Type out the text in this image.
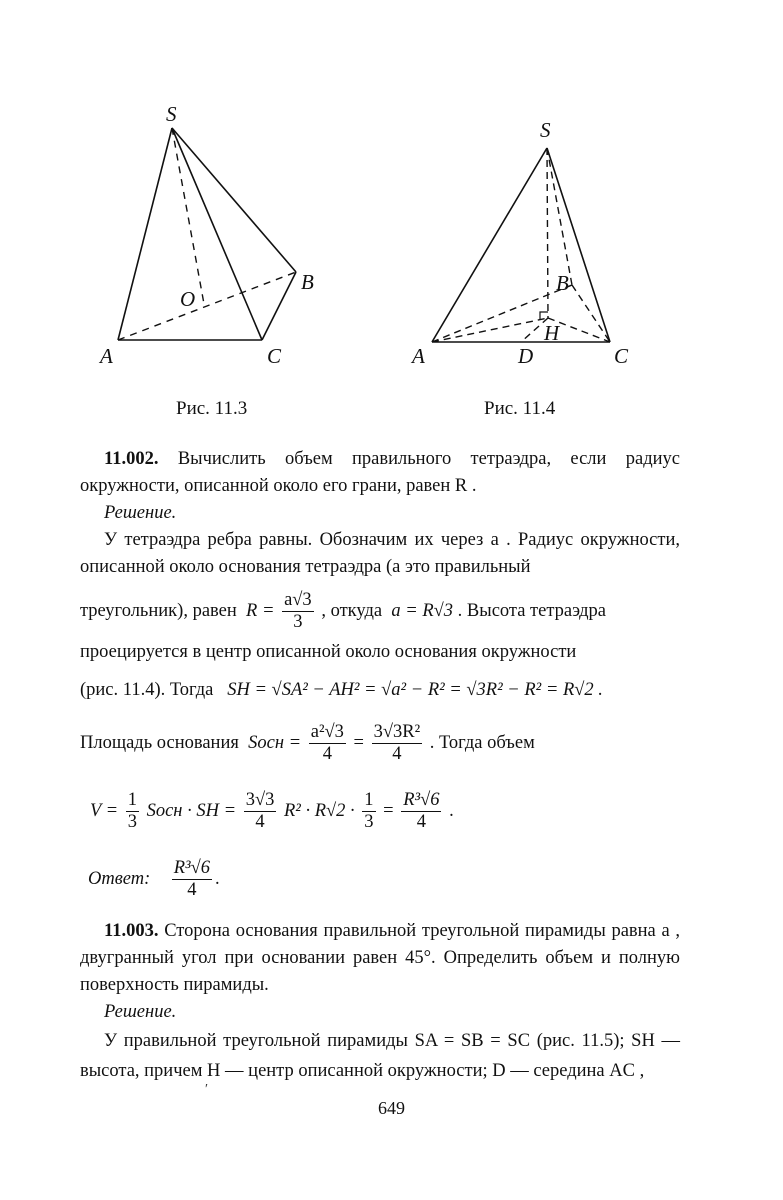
S
O
B
A	C
Рис. 11.3
S
B
H
A	D	C
Рис. 11.4

11.002. Вычислить объем правильного тетраэдра, если радиус окружности, описанной около его грани, равен R .

Решение.

У тетраэдра ребра равны. Обозначим их через a . Радиус окружности, описанной около основания тетраэдра (а это правильный

треугольник), равен $R = \frac{a√3}{3}$ , откуда a = R√3 . Высота тетраэдра
проецируется в центр описанной около основания окружности
(рис. 11.4). Тогда SH = √SA² − AH² = √a² − R² = √3R² − R² = R√2 .
Площадь основания Sосн = $\frac{\text{a²√3}}{4} = \frac{\text{3√3R²}}{4}$ . Тогда объем
$V = \frac{1}{3}$ Sосн · SH = $\frac{3√3}{4} R^2 \cdot R√2 \cdot \frac{1}{3} = \frac{\text{R³√6}}{4}$ .
Ответ: $\frac{\text{R³√6}}{4}$ .

11.003. Сторона основания правильной треугольной пирамиды равна a , двугранный угол при основании равен 45°. Определить объем и полную поверхность пирамиды.

Решение.

У правильной треугольной пирамиды SA = SB = SC (рис. 11.5); SH — высота, причем H — центр описанной окружности; D — середина AC ,

′
649
